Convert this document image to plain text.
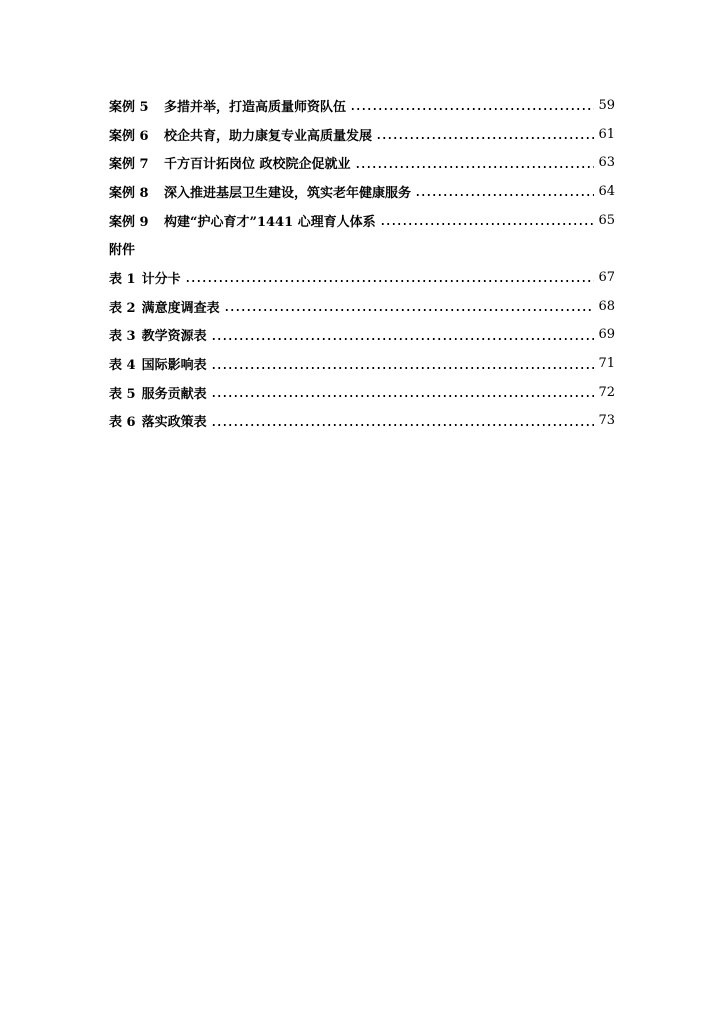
案例 5	多措并举，打造高质量师资队伍	59
案例 6	校企共育，助力康复专业高质量发展	61
案例 7	千方百计拓岗位 政校院企促就业	63
案例 8	深入推进基层卫生建设，筑实老年健康服务	64
案例 9	构建“护心育才”1441 心理育人体系	65
附件
表 1 计分卡	67
表 2 满意度调查表	68
表 3 教学资源表	69
表 4 国际影响表	71
表 5 服务贡献表	72
表 6 落实政策表	73
